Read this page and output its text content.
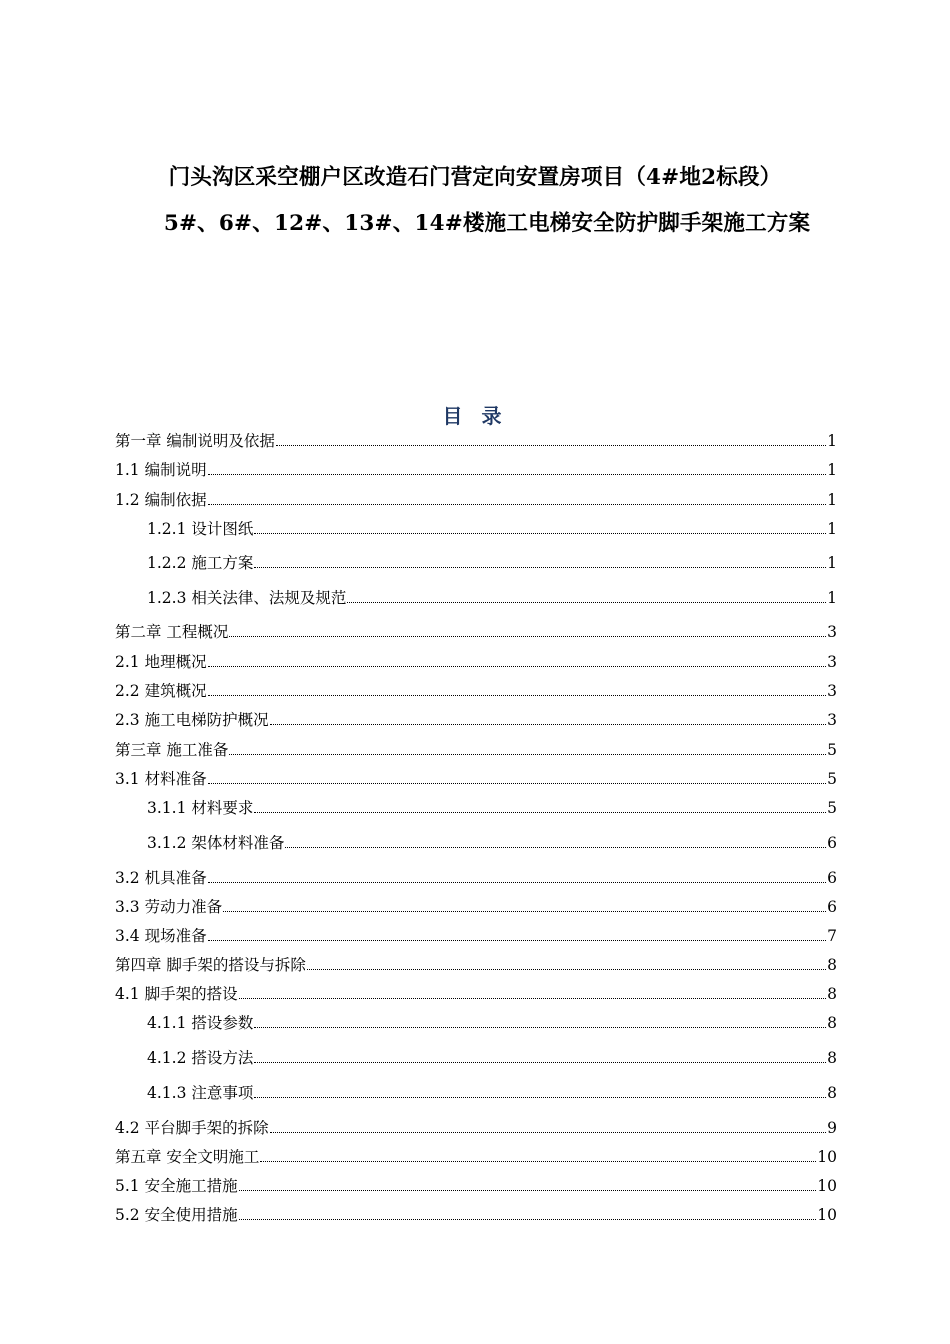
门头沟区采空棚户区改造石门营定向安置房项目（4#地2标段）
5#、6#、12#、13#、14#楼施工电梯安全防护脚手架施工方案
目 录
第一章 编制说明及依据	1
1.1 编制说明	1
1.2 编制依据	1
1.2.1 设计图纸	1
1.2.2 施工方案	1
1.2.3 相关法律、法规及规范	1
第二章 工程概况	3
2.1 地理概况	3
2.2 建筑概况	3
2.3 施工电梯防护概况	3
第三章 施工准备	5
3.1 材料准备	5
3.1.1 材料要求	5
3.1.2 架体材料准备	6
3.2 机具准备	6
3.3 劳动力准备	6
3.4 现场准备	7
第四章 脚手架的搭设与拆除	8
4.1 脚手架的搭设	8
4.1.1 搭设参数	8
4.1.2 搭设方法	8
4.1.3 注意事项	8
4.2 平台脚手架的拆除	9
第五章 安全文明施工	10
5.1 安全施工措施	10
5.2 安全使用措施	10
